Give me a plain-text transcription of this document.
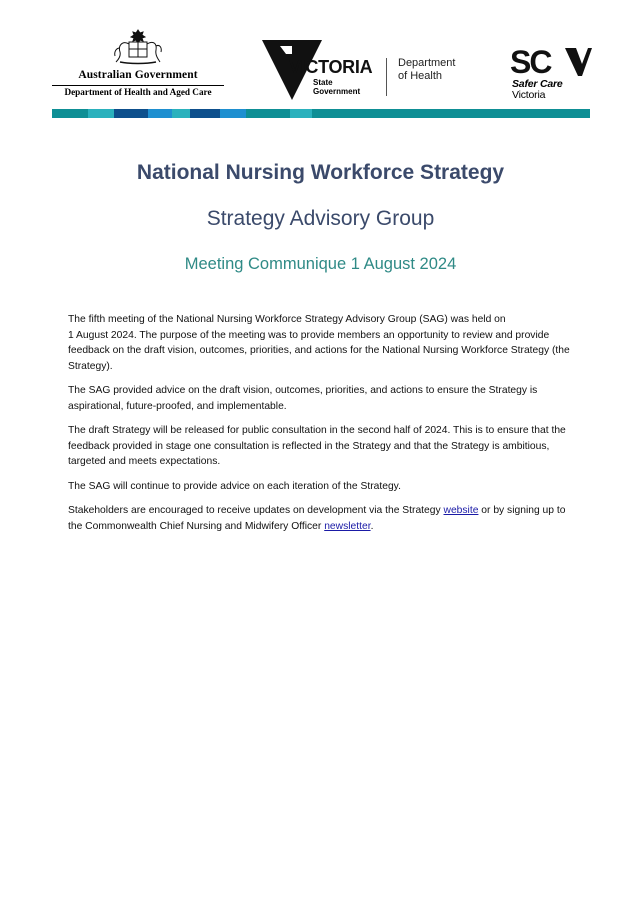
Australian Government
Department of Health and Aged Care
VICTORIA
State
Government
Department
of Health	SC
Safer Care
Victoria
National Nursing Workforce Strategy
Strategy Advisory Group
Meeting Communique 1 August 2024

The fifth meeting of the National Nursing Workforce Strategy Advisory Group (SAG) was held on
1 August 2024. The purpose of the meeting was to provide members an opportunity to review and provide feedback on the draft vision, outcomes, priorities, and actions for the National Nursing Workforce Strategy (the Strategy).

The SAG provided advice on the draft vision, outcomes, priorities, and actions to ensure the Strategy is aspirational, future-proofed, and implementable.

The draft Strategy will be released for public consultation in the second half of 2024. This is to ensure that the feedback provided in stage one consultation is reflected in the Strategy and that the Strategy is ambitious, targeted and meets expectations.

The SAG will continue to provide advice on each iteration of the Strategy.

Stakeholders are encouraged to receive updates on development via the Strategy website or by signing up to the Commonwealth Chief Nursing and Midwifery Officer newsletter.
